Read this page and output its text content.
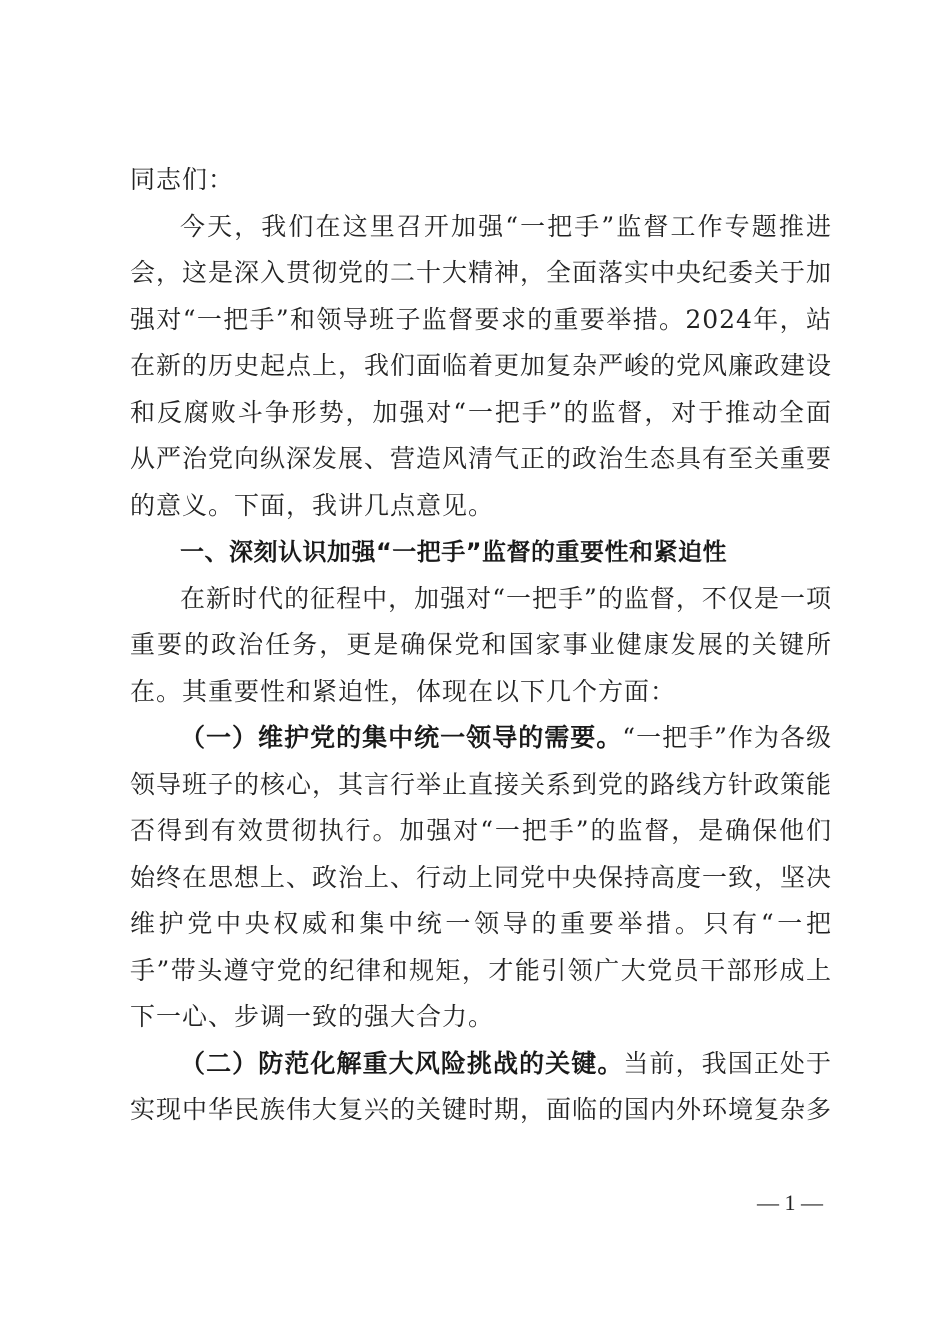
同志们：

今天，我们在这里召开加强“一把手”监督工作专题推进会，这是深入贯彻党的二十大精神，全面落实中央纪委关于加强对“一把手”和领导班子监督要求的重要举措。2024年，站在新的历史起点上，我们面临着更加复杂严峻的党风廉政建设和反腐败斗争形势，加强对“一把手”的监督，对于推动全面从严治党向纵深发展、营造风清气正的政治生态具有至关重要的意义。下面，我讲几点意见。

一、深刻认识加强“一把手”监督的重要性和紧迫性

在新时代的征程中，加强对“一把手”的监督，不仅是一项重要的政治任务，更是确保党和国家事业健康发展的关键所在。其重要性和紧迫性，体现在以下几个方面：

（一）维护党的集中统一领导的需要。“一把手”作为各级领导班子的核心，其言行举止直接关系到党的路线方针政策能否得到有效贯彻执行。加强对“一把手”的监督，是确保他们始终在思想上、政治上、行动上同党中央保持高度一致，坚决维护党中央权威和集中统一领导的重要举措。只有“一把手”带头遵守党的纪律和规矩，才能引领广大党员干部形成上下一心、步调一致的强大合力。

（二）防范化解重大风险挑战的关键。当前，我国正处于实现中华民族伟大复兴的关键时期，面临的国内外环境复杂多

— 1 —
